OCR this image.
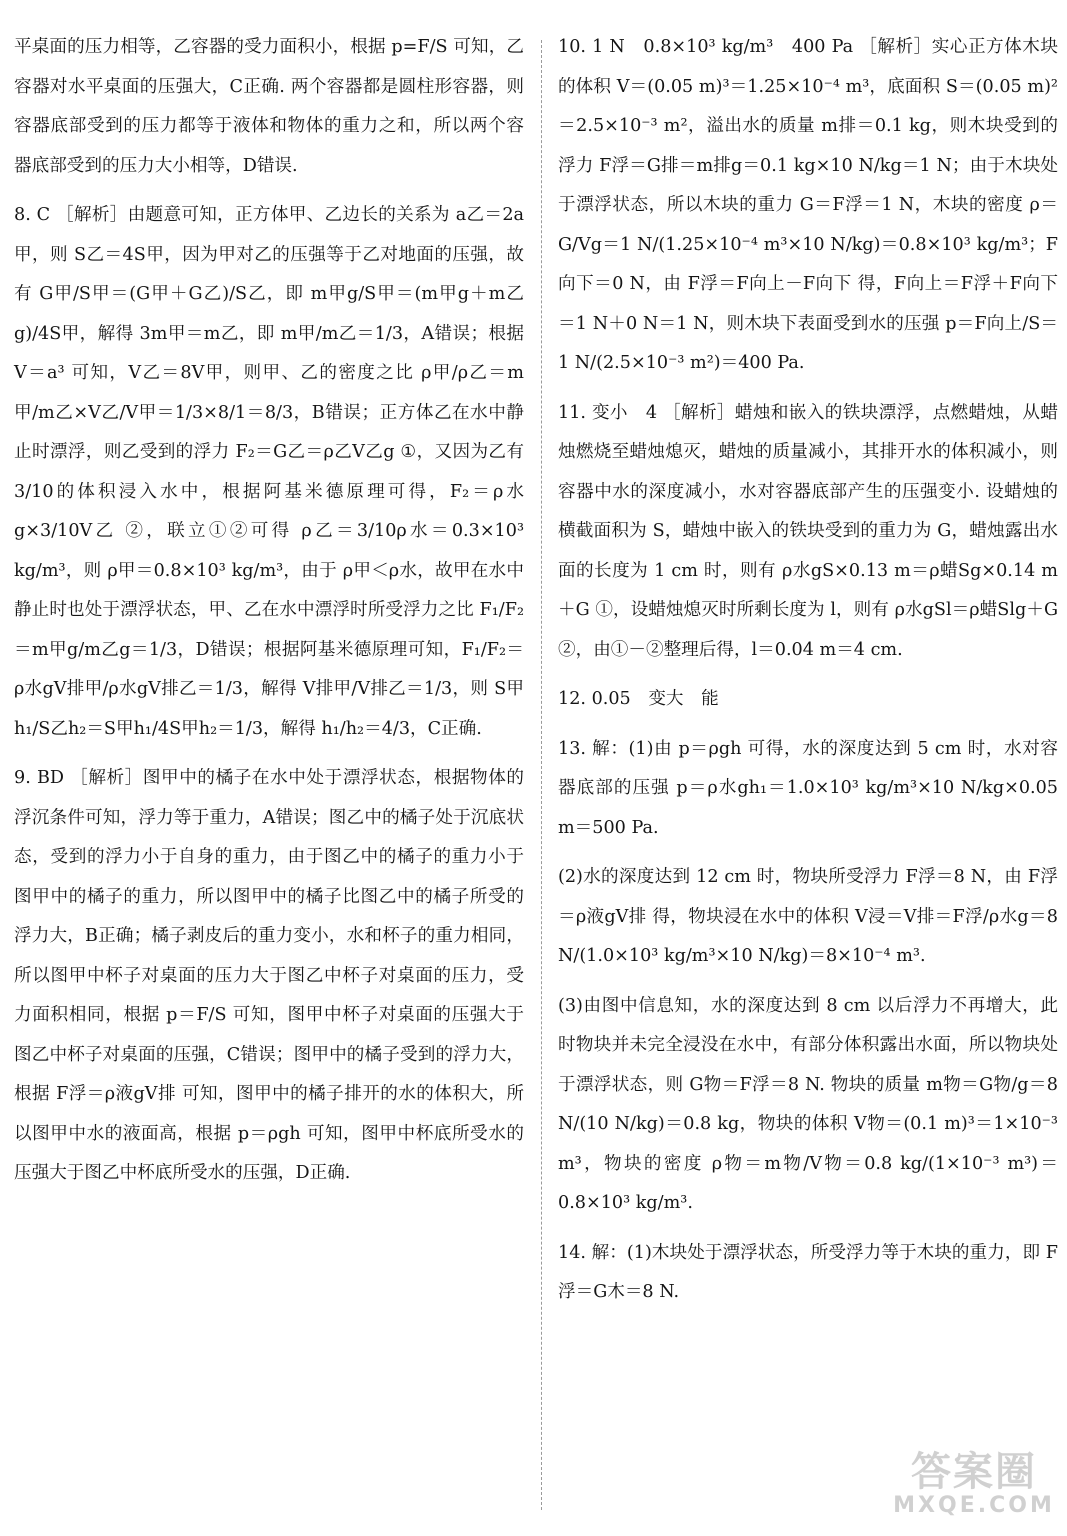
平桌面的压力相等，乙容器的受力面积小，根据 p=F/S 可知，乙容器对水平桌面的压强大，C正确. 两个容器都是圆柱形容器，则容器底部受到的压力都等于液体和物体的重力之和，所以两个容器底部受到的压力大小相等，D错误.

8. C ［解析］由题意可知，正方体甲、乙边长的关系为 a乙＝2a甲，则 S乙＝4S甲，因为甲对乙的压强等于乙对地面的压强，故有 G甲/S甲＝(G甲＋G乙)/S乙，即 m甲g/S甲＝(m甲g＋m乙g)/4S甲，解得 3m甲＝m乙，即 m甲/m乙＝1/3，A错误；根据 V＝a³ 可知，V乙＝8V甲，则甲、乙的密度之比 ρ甲/ρ乙＝m甲/m乙×V乙/V甲＝1/3×8/1＝8/3，B错误；正方体乙在水中静止时漂浮，则乙受到的浮力 F₂＝G乙＝ρ乙V乙g ①，又因为乙有3/10的体积浸入水中，根据阿基米德原理可得，F₂＝ρ水g×3/10V乙 ②，联立①②可得 ρ乙＝3/10ρ水＝0.3×10³ kg/m³，则 ρ甲＝0.8×10³ kg/m³，由于 ρ甲＜ρ水，故甲在水中静止时也处于漂浮状态，甲、乙在水中漂浮时所受浮力之比 F₁/F₂＝m甲g/m乙g＝1/3，D错误；根据阿基米德原理可知，F₁/F₂＝ρ水gV排甲/ρ水gV排乙＝1/3，解得 V排甲/V排乙＝1/3，则 S甲h₁/S乙h₂＝S甲h₁/4S甲h₂＝1/3，解得 h₁/h₂＝4/3，C正确.

9. BD ［解析］图甲中的橘子在水中处于漂浮状态，根据物体的浮沉条件可知，浮力等于重力，A错误；图乙中的橘子处于沉底状态，受到的浮力小于自身的重力，由于图乙中的橘子的重力小于图甲中的橘子的重力，所以图甲中的橘子比图乙中的橘子所受的浮力大，B正确；橘子剥皮后的重力变小，水和杯子的重力相同，所以图甲中杯子对桌面的压力大于图乙中杯子对桌面的压力，受力面积相同，根据 p＝F/S 可知，图甲中杯子对桌面的压强大于图乙中杯子对桌面的压强，C错误；图甲中的橘子受到的浮力大，根据 F浮＝ρ液gV排 可知，图甲中的橘子排开的水的体积大，所以图甲中水的液面高，根据 p＝ρgh 可知，图甲中杯底所受水的压强大于图乙中杯底所受水的压强，D正确.

10. 1 N　0.8×10³ kg/m³　400 Pa ［解析］实心正方体木块的体积 V＝(0.05 m)³＝1.25×10⁻⁴ m³，底面积 S＝(0.05 m)²＝2.5×10⁻³ m²，溢出水的质量 m排＝0.1 kg，则木块受到的浮力 F浮＝G排＝m排g＝0.1 kg×10 N/kg＝1 N；由于木块处于漂浮状态，所以木块的重力 G＝F浮＝1 N，木块的密度 ρ＝G/Vg＝1 N/(1.25×10⁻⁴ m³×10 N/kg)＝0.8×10³ kg/m³；F向下＝0 N，由 F浮＝F向上－F向下 得，F向上＝F浮＋F向下＝1 N＋0 N＝1 N，则木块下表面受到水的压强 p＝F向上/S＝1 N/(2.5×10⁻³ m²)＝400 Pa.

11. 变小　4 ［解析］蜡烛和嵌入的铁块漂浮，点燃蜡烛，从蜡烛燃烧至蜡烛熄灭，蜡烛的质量减小，其排开水的体积减小，则容器中水的深度减小，水对容器底部产生的压强变小. 设蜡烛的横截面积为 S，蜡烛中嵌入的铁块受到的重力为 G，蜡烛露出水面的长度为 1 cm 时，则有 ρ水gS×0.13 m＝ρ蜡Sg×0.14 m＋G ①，设蜡烛熄灭时所剩长度为 l，则有 ρ水gSl＝ρ蜡Slg＋G ②，由①－②整理后得，l＝0.04 m＝4 cm.

12. 0.05　变大　能

13. 解：(1)由 p＝ρgh 可得，水的深度达到 5 cm 时，水对容器底部的压强 p＝ρ水gh₁＝1.0×10³ kg/m³×10 N/kg×0.05 m＝500 Pa.

(2)水的深度达到 12 cm 时，物块所受浮力 F浮＝8 N，由 F浮＝ρ液gV排 得，物块浸在水中的体积 V浸＝V排＝F浮/ρ水g＝8 N/(1.0×10³ kg/m³×10 N/kg)＝8×10⁻⁴ m³.

(3)由图中信息知，水的深度达到 8 cm 以后浮力不再增大，此时物块并未完全浸没在水中，有部分体积露出水面，所以物块处于漂浮状态，则 G物＝F浮＝8 N. 物块的质量 m物＝G物/g＝8 N/(10 N/kg)＝0.8 kg，物块的体积 V物＝(0.1 m)³＝1×10⁻³ m³，物块的密度 ρ物＝m物/V物＝0.8 kg/(1×10⁻³ m³)＝0.8×10³ kg/m³.

14. 解：(1)木块处于漂浮状态，所受浮力等于木块的重力，即 F浮＝G木＝8 N.

答案圈
MXQE.COM
